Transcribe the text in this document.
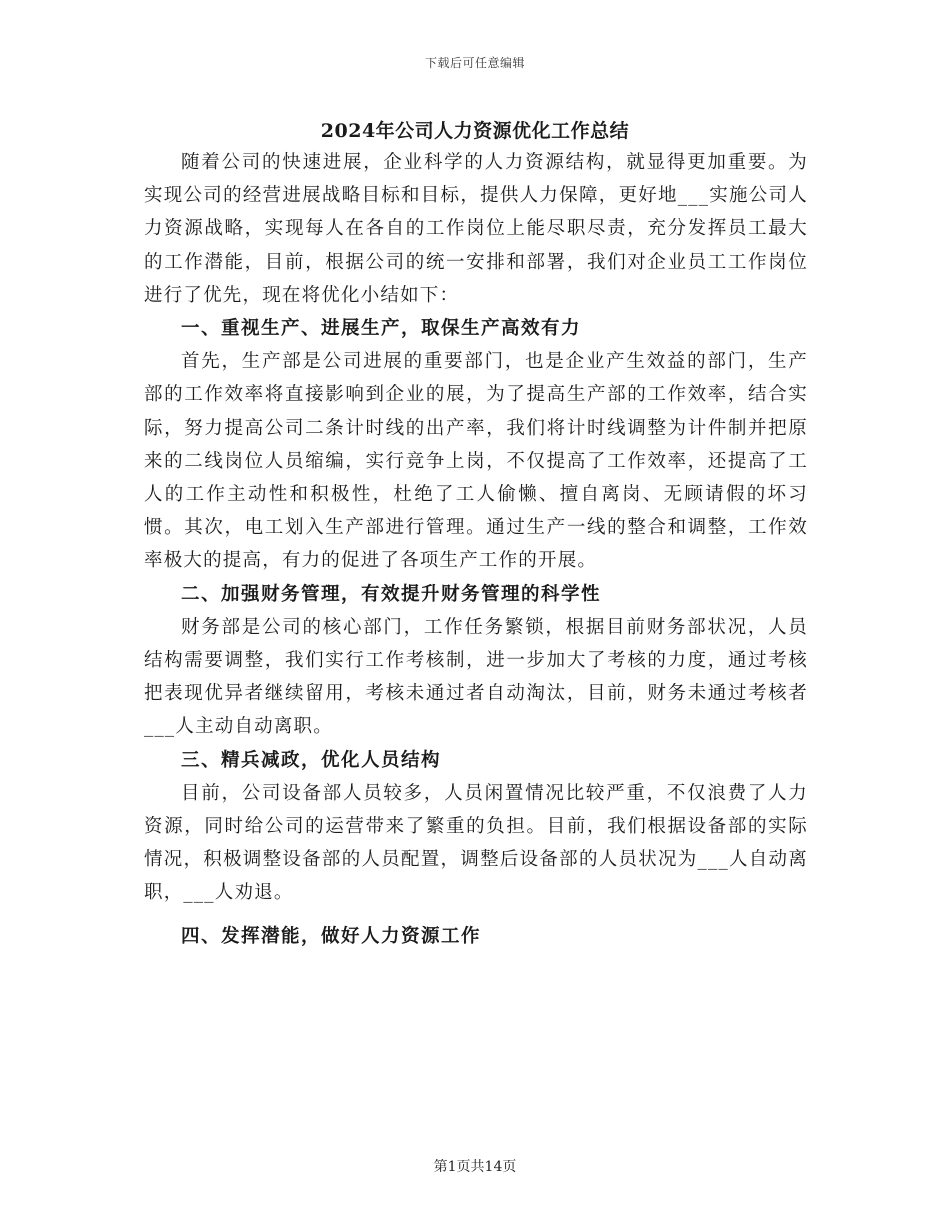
下载后可任意编辑
2024年公司人力资源优化工作总结

随着公司的快速进展，企业科学的人力资源结构，就显得更加重要。为实现公司的经营进展战略目标和目标，提供人力保障，更好地___实施公司人力资源战略，实现每人在各自的工作岗位上能尽职尽责，充分发挥员工最大的工作潜能，目前，根据公司的统一安排和部署，我们对企业员工工作岗位进行了优先，现在将优化小结如下：

一、重视生产、进展生产，取保生产高效有力

首先，生产部是公司进展的重要部门，也是企业产生效益的部门，生产部的工作效率将直接影响到企业的展，为了提高生产部的工作效率，结合实际，努力提高公司二条计时线的出产率，我们将计时线调整为计件制并把原来的二线岗位人员缩编，实行竞争上岗，不仅提高了工作效率，还提高了工人的工作主动性和积极性，杜绝了工人偷懒、擅自离岗、无顾请假的坏习惯。其次，电工划入生产部进行管理。通过生产一线的整合和调整，工作效率极大的提高，有力的促进了各项生产工作的开展。

二、加强财务管理，有效提升财务管理的科学性

财务部是公司的核心部门，工作任务繁锁，根据目前财务部状况，人员结构需要调整，我们实行工作考核制，进一步加大了考核的力度，通过考核把表现优异者继续留用，考核未通过者自动淘汰，目前，财务未通过考核者___人主动自动离职。

三、精兵减政，优化人员结构

目前，公司设备部人员较多，人员闲置情况比较严重，不仅浪费了人力资源，同时给公司的运营带来了繁重的负担。目前，我们根据设备部的实际情况，积极调整设备部的人员配置，调整后设备部的人员状况为___人自动离职，___人劝退。

四、发挥潜能，做好人力资源工作

第1页共14页
